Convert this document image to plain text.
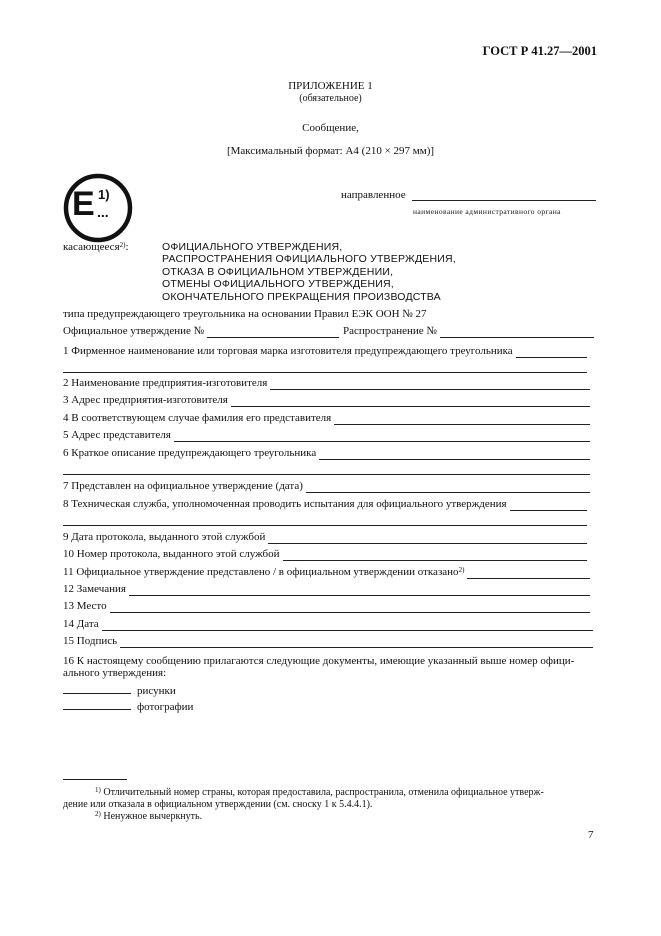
ГОСТ Р 41.27—2001
ПРИЛОЖЕНИЕ 1
(обязательное)
Сообщение,
[Максимальный формат: А4 (210 × 297 мм)]
E 1)
...
направленное
наименование административного органа
касающееся$^{2)}$:	ОФИЦИАЛЬНОГО УТВЕРЖДЕНИЯ,
РАСПРОСТРАНЕНИЯ ОФИЦИАЛЬНОГО УТВЕРЖДЕНИЯ,
ОТКАЗА В ОФИЦИАЛЬНОМ УТВЕРЖДЕНИИ,
ОТМЕНЫ ОФИЦИАЛЬНОГО УТВЕРЖДЕНИЯ,
ОКОНЧАТЕЛЬНОГО ПРЕКРАЩЕНИЯ ПРОИЗВОДСТВА
типа предупреждающего треугольника на основании Правил ЕЭК ООН № 27
Официальное утверждение №	Распространение №
1 Фирменное наименование или торговая марка изготовителя предупреждающего треугольника
2 Наименование предприятия-изготовителя
3 Адрес предприятия-изготовителя
4 В соответствующем случае фамилия его представителя
5 Адрес представителя
6 Краткое описание предупреждающего треугольника
7 Представлен на официальное утверждение (дата)
8 Техническая служба, уполномоченная проводить испытания для официального утверждения
9 Дата протокола, выданного этой службой
10 Номер протокола, выданного этой службой
11 Официальное утверждение представлено / в официальном утверждении отказано$^{2)}$
12 Замечания
13 Место
14 Дата
15 Подпись
16 К настоящему сообщению прилагаются следующие документы, имеющие указанный выше номер офици-
ального утверждения:
рисунки
фотографии
$^{1)}$ Отличительный номер страны, которая предоставила, распространила, отменила официальное утверж-
дение или отказала в официальном утверждении (см. сноску 1 к 5.4.4.1).
$^{2)}$ Ненужное вычеркнуть.
7
